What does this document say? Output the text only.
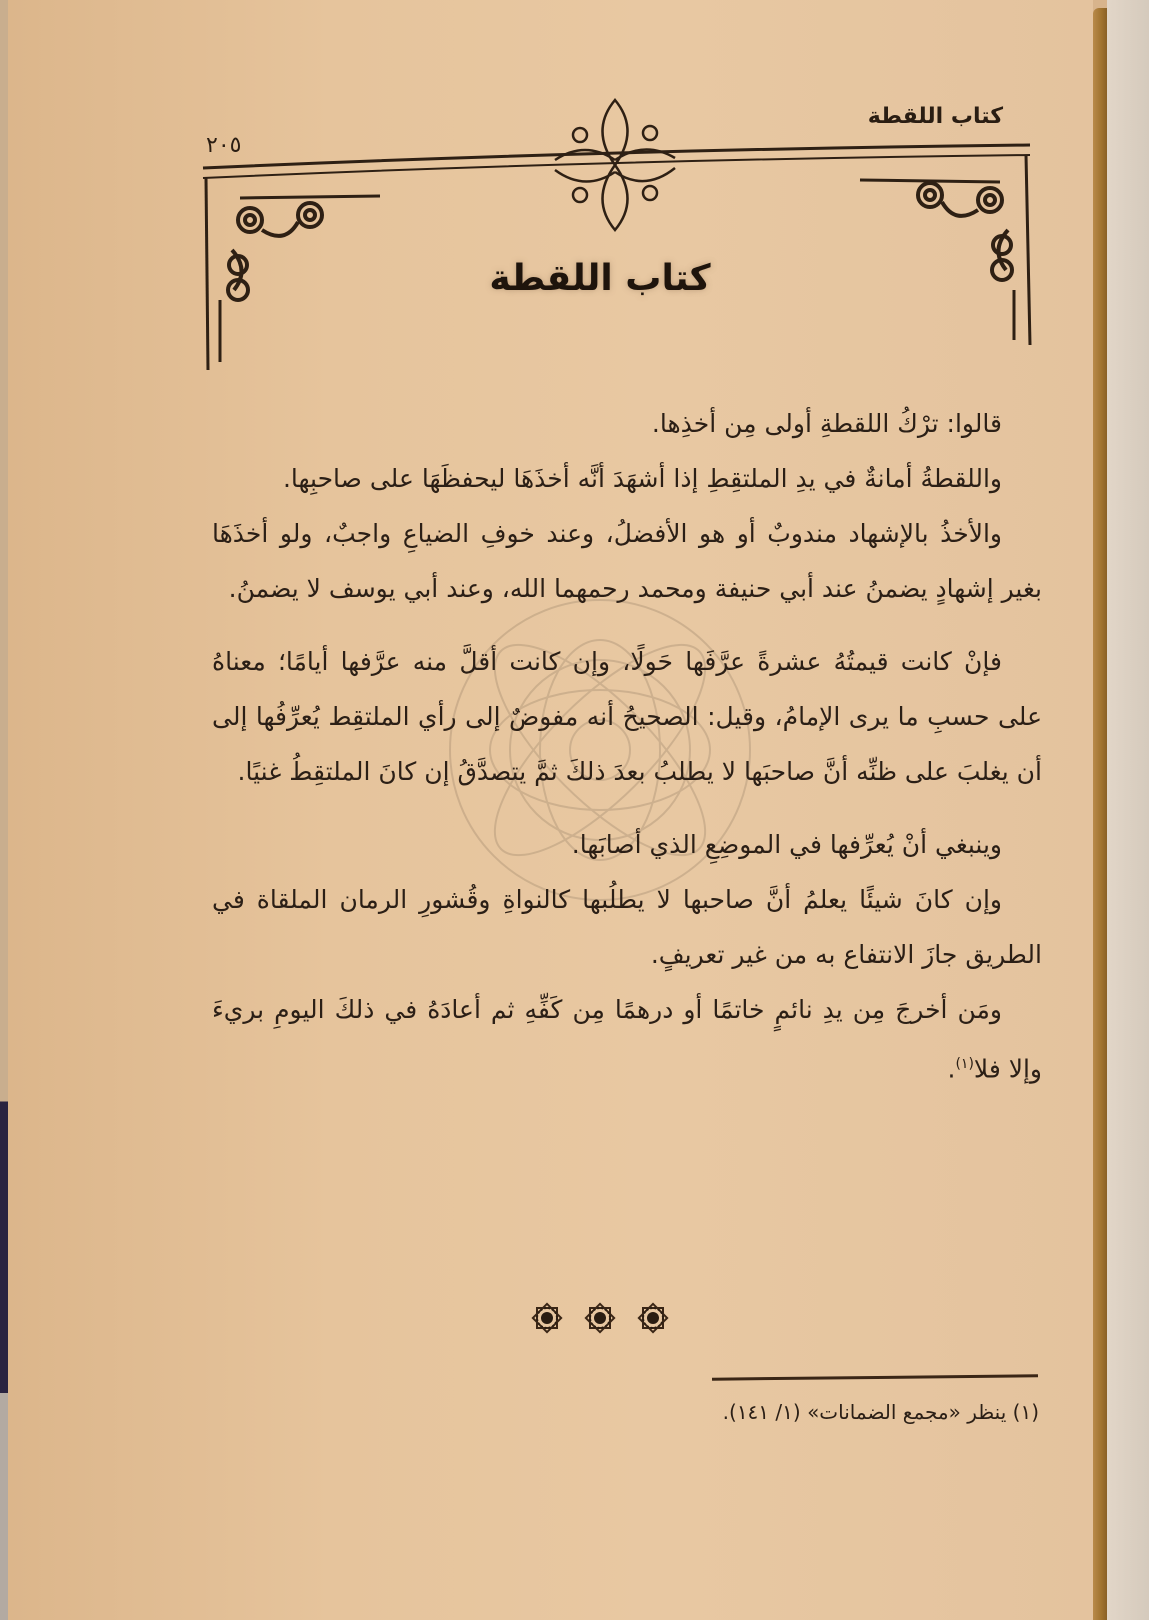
كتاب اللقطة
٢٠٥
كتاب اللقطة

قالوا: ترْكُ اللقطةِ أولى مِن أخذِها.

واللقطةُ أمانةٌ في يدِ الملتقِطِ إذا أشهَدَ أنَّه أخذَهَا ليحفظَهَا على صاحبِها.

والأخذُ بالإشهاد مندوبٌ أو هو الأفضلُ، وعند خوفِ الضياعِ واجبٌ، ولو أخذَهَا بغير إشهادٍ يضمنُ عند أبي حنيفة ومحمد رحمهما الله، وعند أبي يوسف لا يضمنُ.

فإنْ كانت قيمتُهُ عشرةً عرَّفَها حَولًا، وإن كانت أقلَّ منه عرَّفها أيامًا؛ معناهُ على حسبِ ما يرى الإمامُ، وقيل: الصحيحُ أنه مفوضٌ إلى رأي الملتقِط يُعرِّفُها إلى أن يغلبَ على ظنِّه أنَّ صاحبَها لا يطلبُ بعدَ ذلكَ ثمَّ يتصدَّقُ إن كانَ الملتقِطُ غنيًا.

وينبغي أنْ يُعرِّفها في الموضِعِ الذي أصابَها.

وإن كانَ شيئًا يعلمُ أنَّ صاحبها لا يطلُبها كالنواةِ وقُشورِ الرمان الملقاة في الطريق جازَ الانتفاع به من غير تعريفٍ.

ومَن أخرجَ مِن يدِ نائمٍ خاتمًا أو درهمًا مِن كَفِّهِ ثم أعادَهُ في ذلكَ اليومِ بريءَ وإلا فلا$^{(١)}$.

(١) ينظر «مجمع الضمانات» (١/ ١٤١).
